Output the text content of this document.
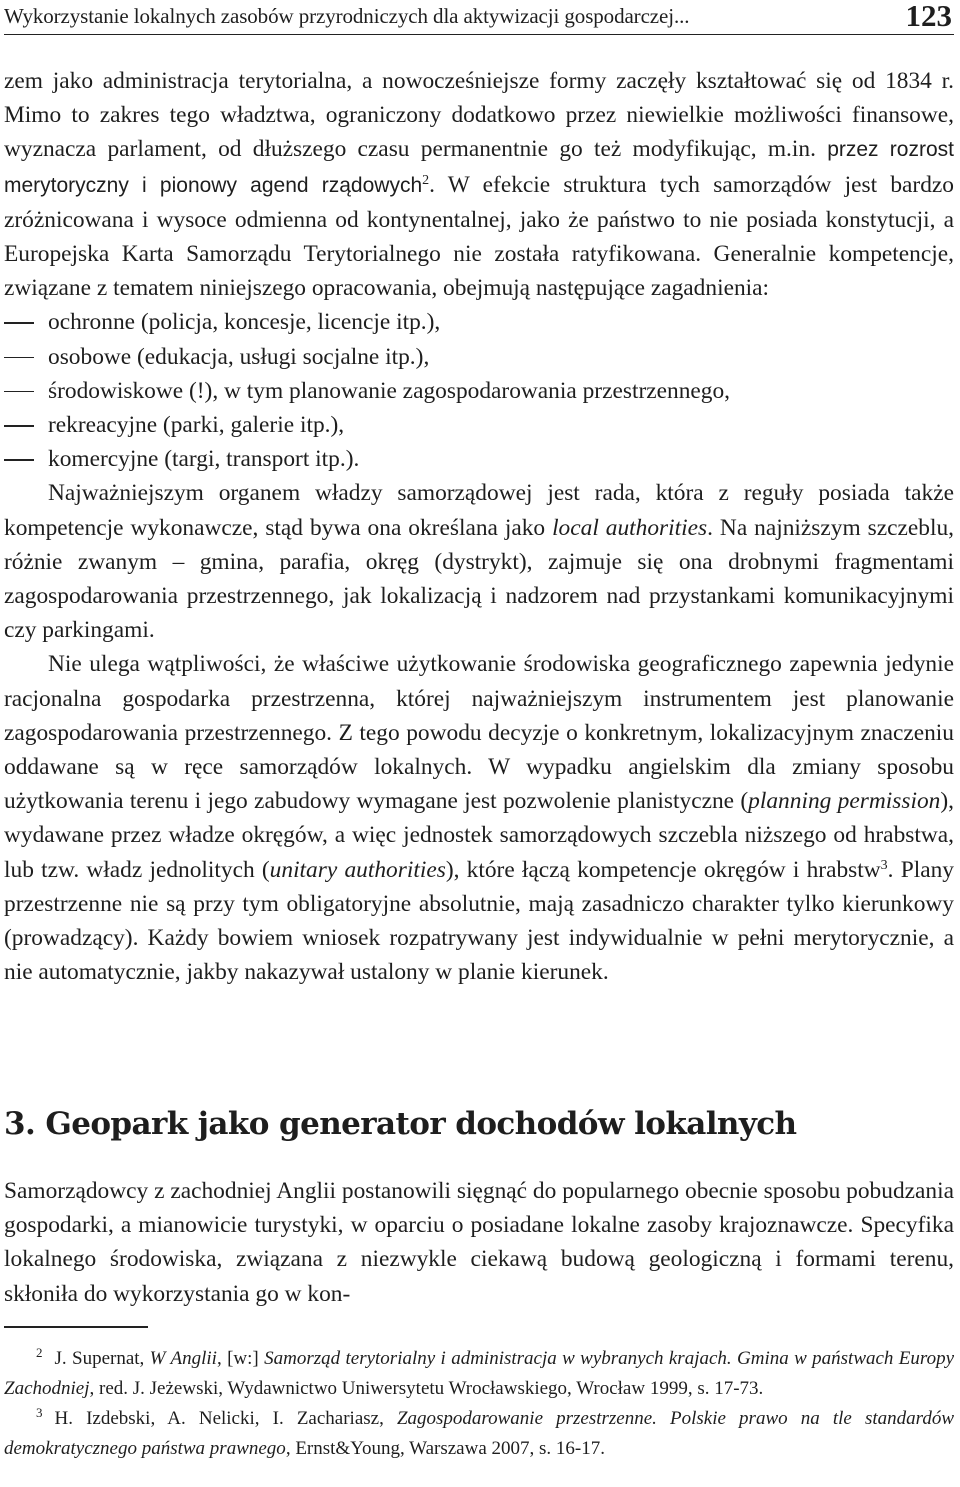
Wykorzystanie lokalnych zasobów przyrodniczych dla aktywizacji gospodarczej...	123

zem jako administracja terytorialna, a nowocześniejsze formy zaczęły kształtować się od 1834 r. Mimo to zakres tego władztwa, ograniczony dodatkowo przez niewielkie możliwości finansowe, wyznacza parlament, od dłuższego czasu permanentnie go też modyfikując, m.in. przez rozrost merytoryczny i pionowy agend rządowych$^2$. W efekcie struktura tych samorządów jest bardzo zróżnicowana i wysoce odmienna od kontynentalnej, jako że państwo to nie posiada konstytucji, a Europejska Karta Samorządu Terytorialnego nie została ratyfikowana. Generalnie kompetencje, związane z tematem niniejszego opracowania, obejmują następujące zagadnienia:

ochronne (policja, koncesje, licencje itp.),
osobowe (edukacja, usługi socjalne itp.),
środowiskowe (!), w tym planowanie zagospodarowania przestrzennego,
rekreacyjne (parki, galerie itp.),
komercyjne (targi, transport itp.).

Najważniejszym organem władzy samorządowej jest rada, która z reguły posiada także kompetencje wykonawcze, stąd bywa ona określana jako local authorities. Na najniższym szczeblu, różnie zwanym – gmina, parafia, okręg (dystrykt), zajmuje się ona drobnymi fragmentami zagospodarowania przestrzennego, jak lokalizacją i nadzorem nad przystankami komunikacyjnymi czy parkingami.

Nie ulega wątpliwości, że właściwe użytkowanie środowiska geograficznego zapewnia jedynie racjonalna gospodarka przestrzenna, której najważniejszym instrumentem jest planowanie zagospodarowania przestrzennego. Z tego powodu decyzje o konkretnym, lokalizacyjnym znaczeniu oddawane są w ręce samorządów lokalnych. W wypadku angielskim dla zmiany sposobu użytkowania terenu i jego zabudowy wymagane jest pozwolenie planistyczne (planning permission), wydawane przez władze okręgów, a więc jednostek samorządowych szczebla niższego od hrabstwa, lub tzw. władz jednolitych (unitary authorities), które łączą kompetencje okręgów i hrabstw$^3$. Plany przestrzenne nie są przy tym obligatoryjne absolutnie, mają zasadniczo charakter tylko kierunkowy (prowadzący). Każdy bowiem wniosek rozpatrywany jest indywidualnie w pełni merytorycznie, a nie automatycznie, jakby nakazywał ustalony w planie kierunek.

3. Geopark jako generator dochodów lokalnych

Samorządowcy z zachodniej Anglii postanowili sięgnąć do popularnego obecnie sposobu pobudzania gospodarki, a mianowicie turystyki, w oparciu o posiadane lokalne zasoby krajoznawcze. Specyfika lokalnego środowiska, związana z niezwykle ciekawą budową geologiczną i formami terenu, skłoniła do wykorzystania go w kon-

$^2$ J. Supernat, W Anglii, [w:] Samorząd terytorialny i administracja w wybranych krajach. Gmina w państwach Europy Zachodniej, red. J. Jeżewski, Wydawnictwo Uniwersytetu Wrocławskiego, Wrocław 1999, s. 17-73.

$^3$ H. Izdebski, A. Nelicki, I. Zachariasz, Zagospodarowanie przestrzenne. Polskie prawo na tle standardów demokratycznego państwa prawnego, Ernst&Young, Warszawa 2007, s. 16-17.
